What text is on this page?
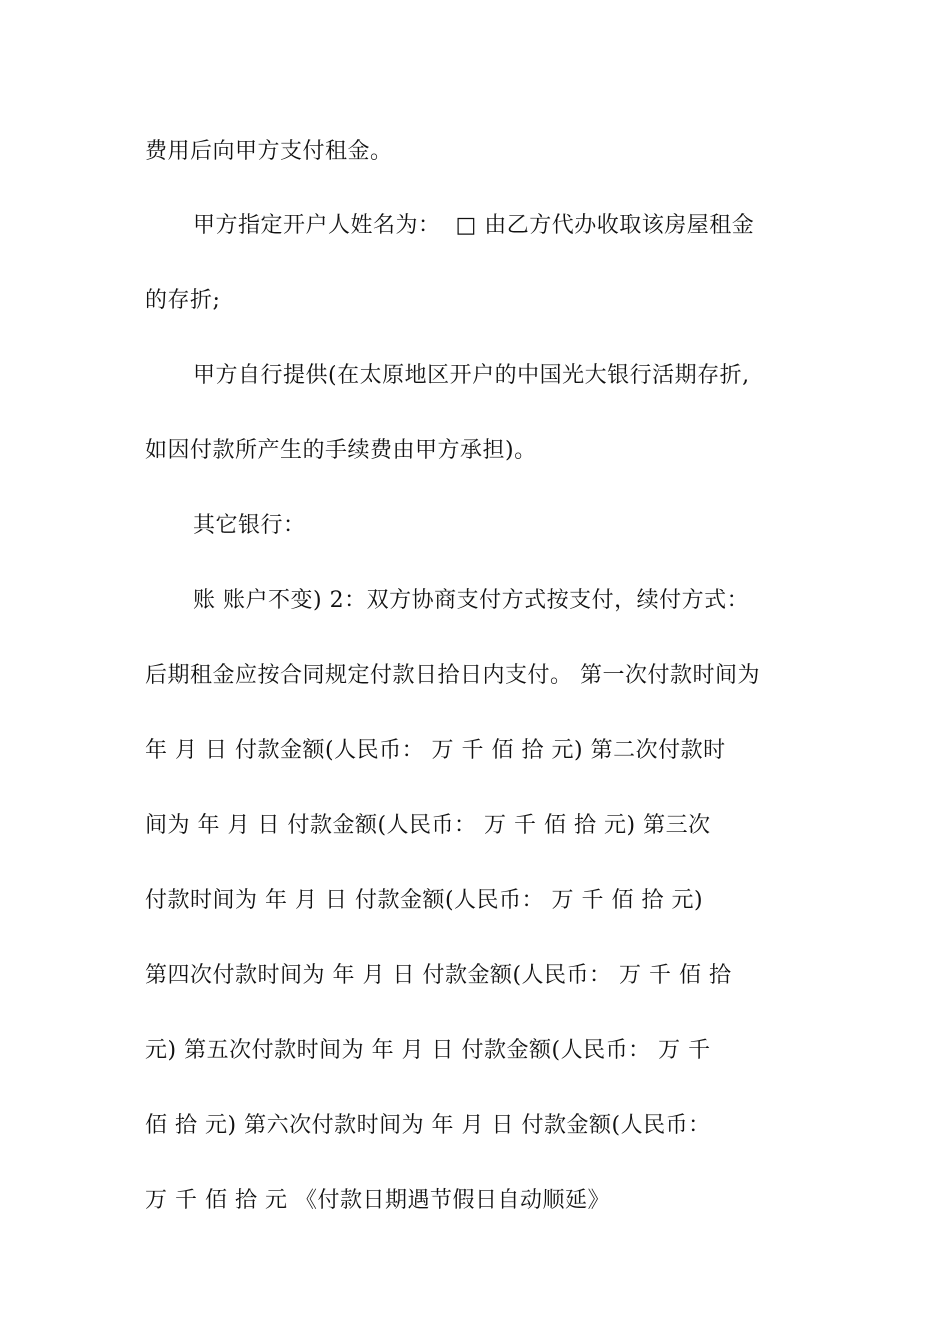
费用后向甲方支付租金。
甲方指定开户人姓名为：  □ 由乙方代办收取该房屋租金
的存折;
甲方自行提供(在太原地区开户的中国光大银行活期存折,
如因付款所产生的手续费由甲方承担)。
其它银行：
账 账户不变) 2：双方协商支付方式按支付，续付方式：
后期租金应按合同规定付款日拾日内支付。 第一次付款时间为
年 月 日 付款金额(人民币： 万 千 佰 拾 元) 第二次付款时
间为 年 月 日 付款金额(人民币： 万 千 佰 拾 元) 第三次
付款时间为 年 月 日 付款金额(人民币： 万 千 佰 拾 元)
第四次付款时间为 年 月 日 付款金额(人民币： 万 千 佰 拾
元) 第五次付款时间为 年 月 日 付款金额(人民币： 万 千
佰 拾 元) 第六次付款时间为 年 月 日 付款金额(人民币：
万 千 佰 拾 元 《付款日期遇节假日自动顺延》
